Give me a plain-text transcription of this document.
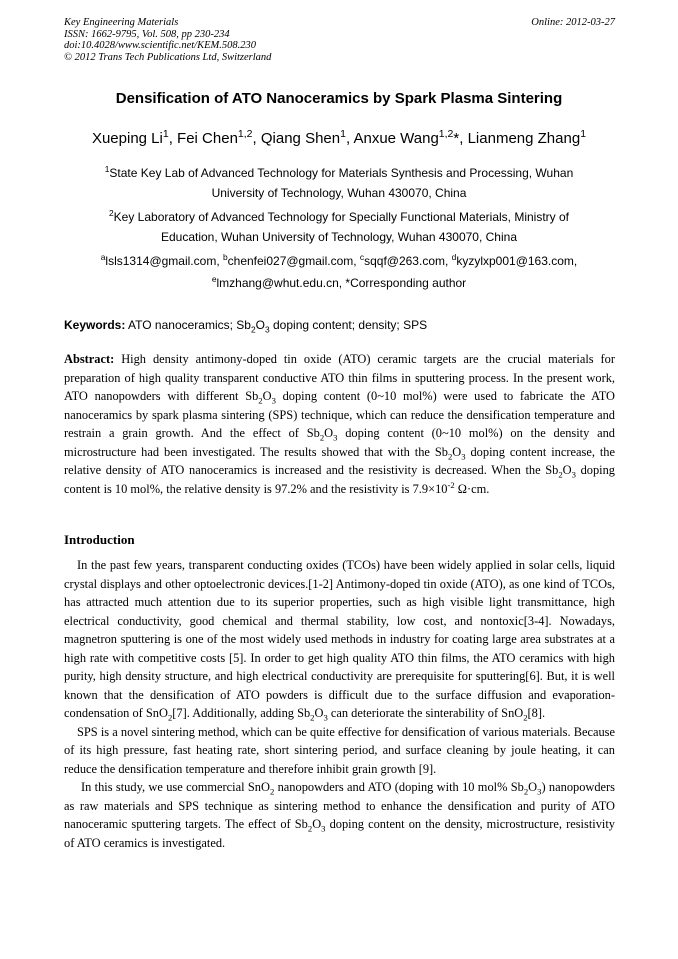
Key Engineering Materials
ISSN: 1662-9795, Vol. 508, pp 230-234
doi:10.4028/www.scientific.net/KEM.508.230
© 2012 Trans Tech Publications Ltd, Switzerland
Online: 2012-03-27
Densification of ATO Nanoceramics by Spark Plasma Sintering
Xueping Li$^1$, Fei Chen$^{1,2}$, Qiang Shen$^1$, Anxue Wang$^{1,2}$*, Lianmeng Zhang$^1$
$^1$State Key Lab of Advanced Technology for Materials Synthesis and Processing, Wuhan
University of Technology, Wuhan 430070, China
$^2$Key Laboratory of Advanced Technology for Specially Functional Materials, Ministry of
Education, Wuhan University of Technology, Wuhan 430070, China
$^a$lsls1314@gmail.com, $^b$chenfei027@gmail.com, $^c$sqqf@263.com, $^d$kyzylxp001@163.com,
$^e$lmzhang@whut.edu.cn, *Corresponding author
Keywords: ATO nanoceramics; $Sb_2O_3$ doping content; density; SPS
Abstract: High density antimony-doped tin oxide (ATO) ceramic targets are the crucial materials for preparation of high quality transparent conductive ATO thin films in sputtering process. In the present work, ATO nanopowders with different $Sb_2O_3$ doping content (0~10 mol%) were used to fabricate the ATO nanoceramics by spark plasma sintering (SPS) technique, which can reduce the densification temperature and restrain a grain growth. And the effect of $Sb_2O_3$ doping content (0~10 mol%) on the density and microstructure had been investigated. The results showed that with the $Sb_2O_3$ doping content increase, the relative density of ATO nanoceramics is increased and the resistivity is decreased. When the $Sb_2O_3$ doping content is 10 mol%, the relative density is 97.2% and the resistivity is $7.9\times 10^{-2}$ Ω·cm.
Introduction

In the past few years, transparent conducting oxides (TCOs) have been widely applied in solar cells, liquid crystal displays and other optoelectronic devices.[1-2] Antimony-doped tin oxide (ATO), as one kind of TCOs, has attracted much attention due to its superior properties, such as high visible light transmittance, high electrical conductivity, good chemical and thermal stability, low cost, and nontoxic[3-4]. Nowadays, magnetron sputtering is one of the most widely used methods in industry for coating large area substrates at a high rate with competitive costs [5]. In order to get high quality ATO thin films, the ATO ceramics with high purity, high density structure, and high electrical conductivity are prerequisite for sputtering[6]. But, it is well known that the densification of ATO powders is difficult due to the surface diffusion and evaporation-condensation of SnO$_2$[7]. Additionally, adding $Sb_2O_3$ can deteriorate the sinterability of SnO$_2$[8].

SPS is a novel sintering method, which can be quite effective for densification of various materials. Because of its high pressure, fast heating rate, short sintering period, and surface cleaning by joule heating, it can reduce the densification temperature and therefore inhibit grain growth [9].

In this study, we use commercial SnO$_2$ nanopowders and ATO (doping with 10 mol% $Sb_2O_3$) nanopowders as raw materials and SPS technique as sintering method to enhance the densification and purity of ATO nanoceramic sputtering targets. The effect of $Sb_2O_3$ doping content on the density, microstructure, resistivity of ATO ceramics is investigated.
